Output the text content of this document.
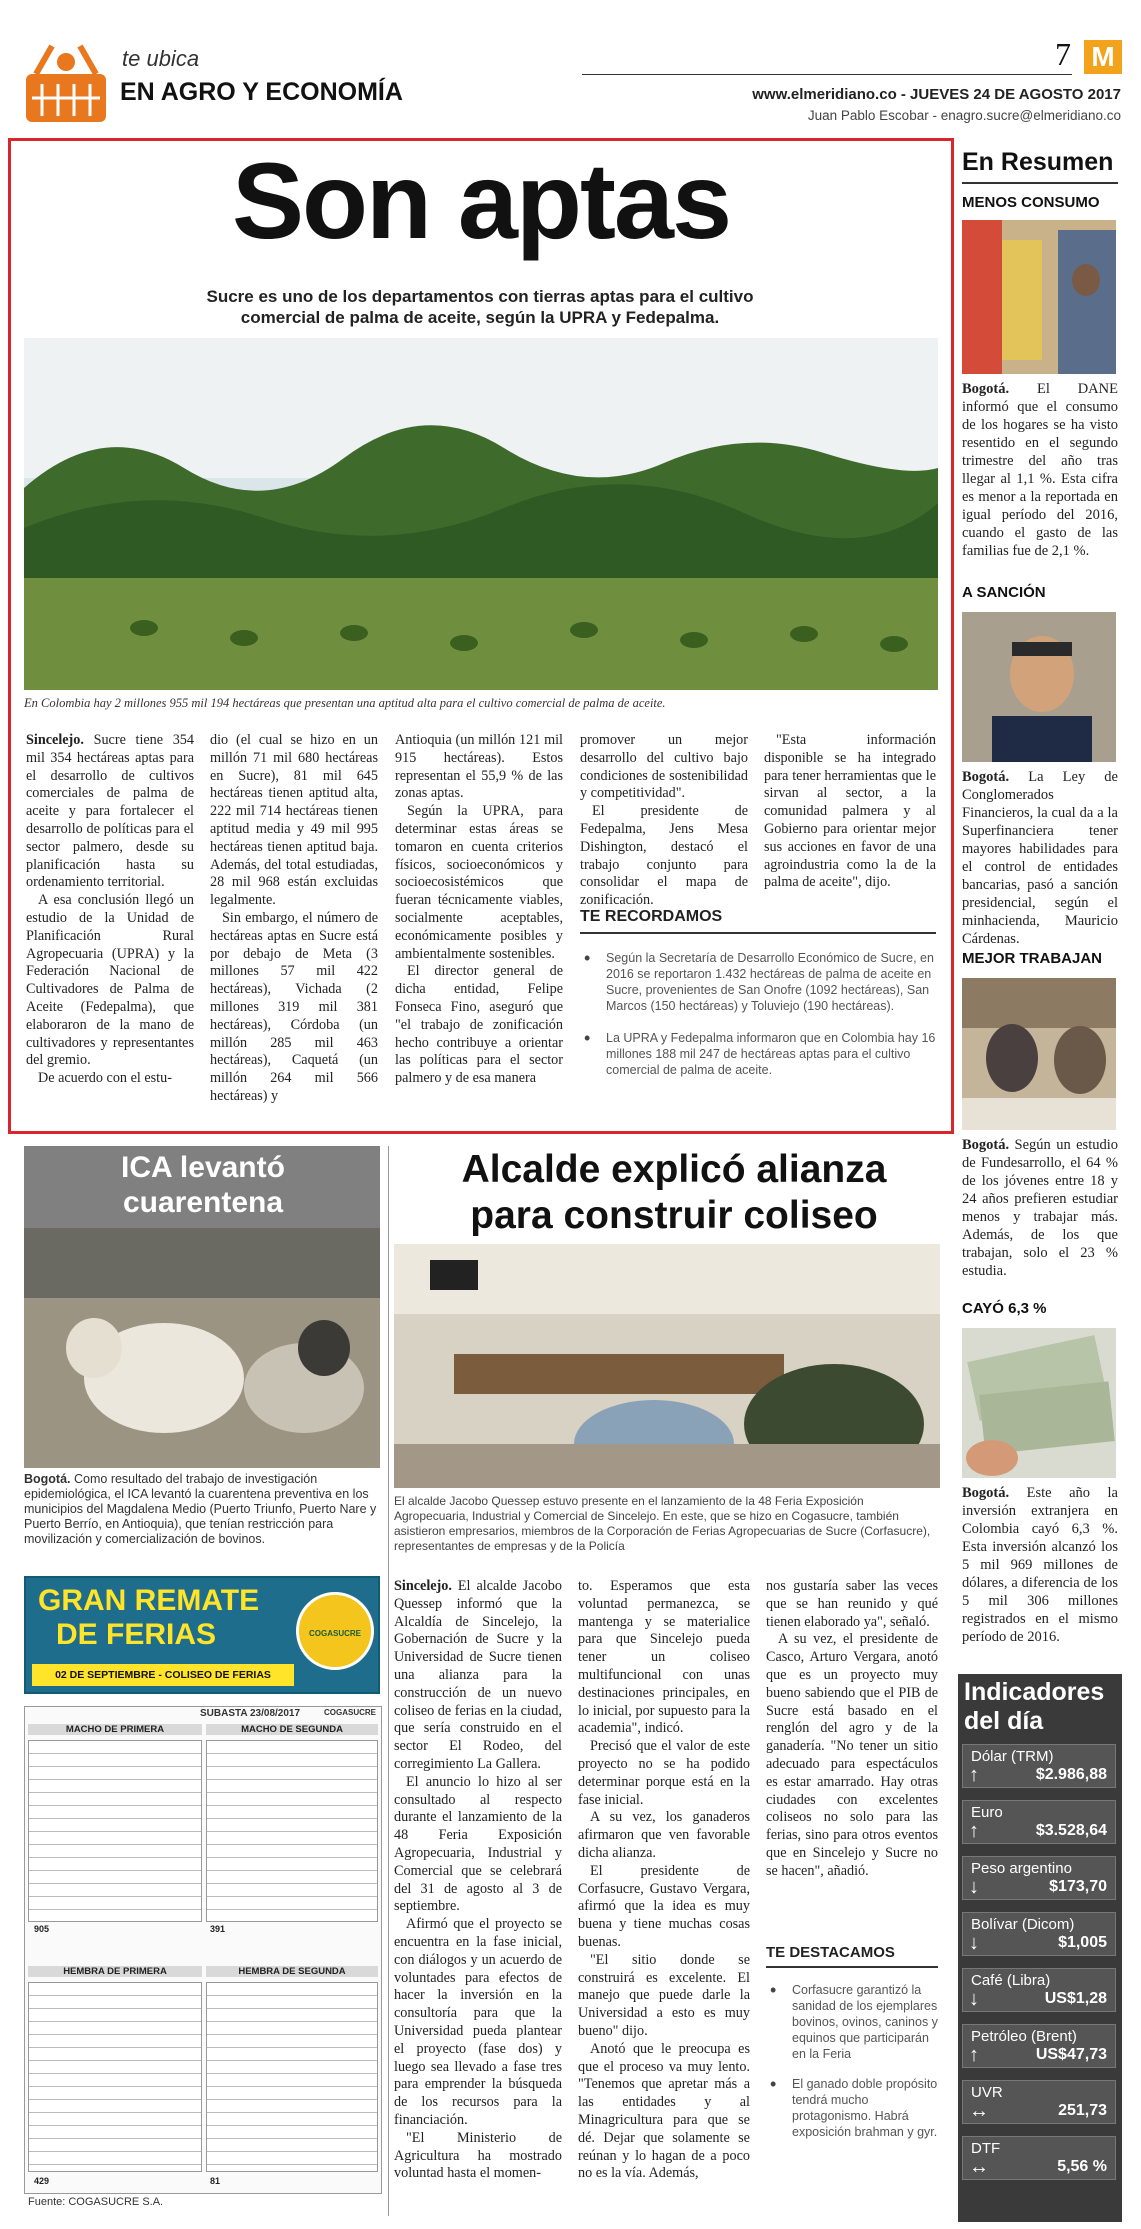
te ubica
EN AGRO Y ECONOMÍA
7 M
www.elmeridiano.co - JUEVES 24 DE AGOSTO 2017
Juan Pablo Escobar - enagro.sucre@elmeridiano.co
Son aptas
Sucre es uno de los departamentos con tierras aptas para el cultivo comercial de palma de aceite, según la UPRA y Fedepalma.
En Colombia hay 2 millones 955 mil 194 hectáreas que presentan una aptitud alta para el cultivo comercial de palma de aceite.

Sincelejo. Sucre tiene 354 mil 354 hectáreas aptas para el desarrollo de cultivos comerciales de palma de aceite y para fortalecer el desarrollo de políticas para el sector palmero, desde su planificación hasta su ordenamiento territorial.

A esa conclusión llegó un estudio de la Unidad de Planificación Rural Agropecuaria (UPRA) y la Federación Nacional de Cultivadores de Palma de Aceite (Fedepalma), que elaboraron de la mano de cultivadores y representantes del gremio.

De acuerdo con el estu-

dio (el cual se hizo en un millón 71 mil 680 hectáreas en Sucre), 81 mil 645 hectáreas tienen aptitud alta, 222 mil 714 hectáreas tienen aptitud media y 49 mil 995 hectáreas tienen aptitud baja. Además, del total estudiadas, 28 mil 968 están excluidas legalmente.

Sin embargo, el número de hectáreas aptas en Sucre está por debajo de Meta (3 millones 57 mil 422 hectáreas), Vichada (2 millones 319 mil 381 hectáreas), Córdoba (un millón 285 mil 463 hectáreas), Caquetá (un millón 264 mil 566 hectáreas) y

Antioquia (un millón 121 mil 915 hectáreas). Estos representan el 55,9 % de las zonas aptas.

Según la UPRA, para determinar estas áreas se tomaron en cuenta criterios físicos, socioeconómicos y socioecosistémicos que fueran técnicamente viables, socialmente aceptables, económicamente posibles y ambientalmente sostenibles.

El director general de dicha entidad, Felipe Fonseca Fino, aseguró que "el trabajo de zonificación hecho contribuye a orientar las políticas para el sector palmero y de esa manera

promover un mejor desarrollo del cultivo bajo condiciones de sostenibilidad y competitividad".

El presidente de Fedepalma, Jens Mesa Dishington, destacó el trabajo conjunto para consolidar el mapa de zonificación.

"Esta información disponible se ha integrado para tener herramientas que le sirvan al sector, a la comunidad palmera y al Gobierno para orientar mejor sus acciones en favor de una agroindustria como la de la palma de aceite", dijo.

TE RECORDAMOS
• Según la Secretaría de Desarrollo Económico de Sucre, en 2016 se reportaron 1.432 hectáreas de palma de aceite en Sucre, provenientes de San Onofre (1092 hectáreas), San Marcos (150 hectáreas) y Toluviejo (190 hectáreas).
• La UPRA y Fedepalma informaron que en Colombia hay 16 millones 188 mil 247 de hectáreas aptas para el cultivo comercial de palma de aceite.
ICA levantó cuarentena
Bogotá. Como resultado del trabajo de investigación epidemiológica, el ICA levantó la cuarentena preventiva en los municipios del Magdalena Medio (Puerto Triunfo, Puerto Nare y Puerto Berrío, en Antioquia), que tenían restricción para movilización y comercialización de bovinos.
GRAN REMATE
DE FERIAS
02 DE SEPTIEMBRE - COLISEO DE FERIAS
COGASUCRE
SUBASTA 23/08/2017	COGASUCRE
MACHO DE PRIMERA	MACHO DE SEGUNDA
905	391
HEMBRA DE PRIMERA	HEMBRA DE SEGUNDA
429	81
Fuente: COGASUCRE S.A.
Alcalde explicó alianza
para construir coliseo
El alcalde Jacobo Quessep estuvo presente en el lanzamiento de la 48 Feria Exposición Agropecuaria, Industrial y Comercial de Sincelejo. En este, que se hizo en Cogasucre, también asistieron empresarios, miembros de la Corporación de Ferias Agropecuarias de Sucre (Corfasucre), representantes de empresas y de la Policía

Sincelejo. El alcalde Jacobo Quessep informó que la Alcaldía de Sincelejo, la Gobernación de Sucre y la Universidad de Sucre tienen una alianza para la construcción de un nuevo coliseo de ferias en la ciudad, que sería construido en el sector El Rodeo, del corregimiento La Gallera.

El anuncio lo hizo al ser consultado al respecto durante el lanzamiento de la 48 Feria Exposición Agropecuaria, Industrial y Comercial que se celebrará del 31 de agosto al 3 de septiembre.

Afirmó que el proyecto se encuentra en la fase inicial, con diálogos y un acuerdo de voluntades para efectos de hacer la inversión en la consultoría para que la Universidad pueda plantear el proyecto (fase dos) y luego sea llevado a fase tres para emprender la búsqueda de los recursos para la financiación.

"El Ministerio de Agricultura ha mostrado voluntad hasta el momen-

to. Esperamos que esta voluntad permanezca, se mantenga y se materialice para que Sincelejo pueda tener un coliseo multifuncional con unas destinaciones principales, en lo inicial, por supuesto para la academia", indicó.

Precisó que el valor de este proyecto no se ha podido determinar porque está en la fase inicial.

A su vez, los ganaderos afirmaron que ven favorable dicha alianza.

El presidente de Corfasucre, Gustavo Vergara, afirmó que la idea es muy buena y tiene muchas cosas buenas.

"El sitio donde se construirá es excelente. El manejo que puede darle la Universidad a esto es muy bueno" dijo.

Anotó que le preocupa es que el proceso va muy lento. "Tenemos que apretar más a las entidades y al Minagricultura para que se dé. Dejar que solamente se reúnan y lo hagan de a poco no es la vía. Además,

nos gustaría saber las veces que se han reunido y qué tienen elaborado ya", señaló.

A su vez, el presidente de Casco, Arturo Vergara, anotó que es un proyecto muy bueno sabiendo que el PIB de Sucre está basado en el renglón del agro y de la ganadería. "No tener un sitio adecuado para espectáculos es estar amarrado. Hay otras ciudades con excelentes coliseos no solo para las ferias, sino para otros eventos que en Sincelejo y Sucre no se hacen", añadió.

TE DESTACAMOS
• Corfasucre garantizó la sanidad de los ejemplares bovinos, ovinos, caninos y equinos que participarán en la Feria
• El ganado doble propósito tendrá mucho protagonismo. Habrá exposición brahman y gyr.
En Resumen
MENOS CONSUMO
Bogotá. El DANE informó que el consumo de los hogares se ha visto resentido en el segundo trimestre del año tras llegar al 1,1 %. Esta cifra es menor a la reportada en igual período del 2016, cuando el gasto de las familias fue de 2,1 %.
A SANCIÓN
Bogotá. La Ley de Conglomerados Financieros, la cual da a la Superfinanciera tener mayores habilidades para el control de entidades bancarias, pasó a sanción presidencial, según el minhacienda, Mauricio Cárdenas.
MEJOR TRABAJAN
Bogotá. Según un estudio de Fundesarrollo, el 64 % de los jóvenes entre 18 y 24 años prefieren estudiar menos y trabajar más. Además, de los que trabajan, solo el 23 % estudia.
CAYÓ 6,3 %
Bogotá. Este año la inversión extranjera en Colombia cayó 6,3 %. Esta inversión alcanzó los 5 mil 969 millones de dólares, a diferencia de los 5 mil 306 millones registrados en el mismo período de 2016.
Indicadores
del día
Dólar (TRM)
↑	$2.986,88
Euro
↑	$3.528,64
Peso argentino
↓	$173,70
Bolívar (Dicom)
↓	$1,005
Café (Libra)
↓	US$1,28
Petróleo (Brent)
↑	US$47,73
UVR
↔	251,73
DTF
↔	5,56 %
